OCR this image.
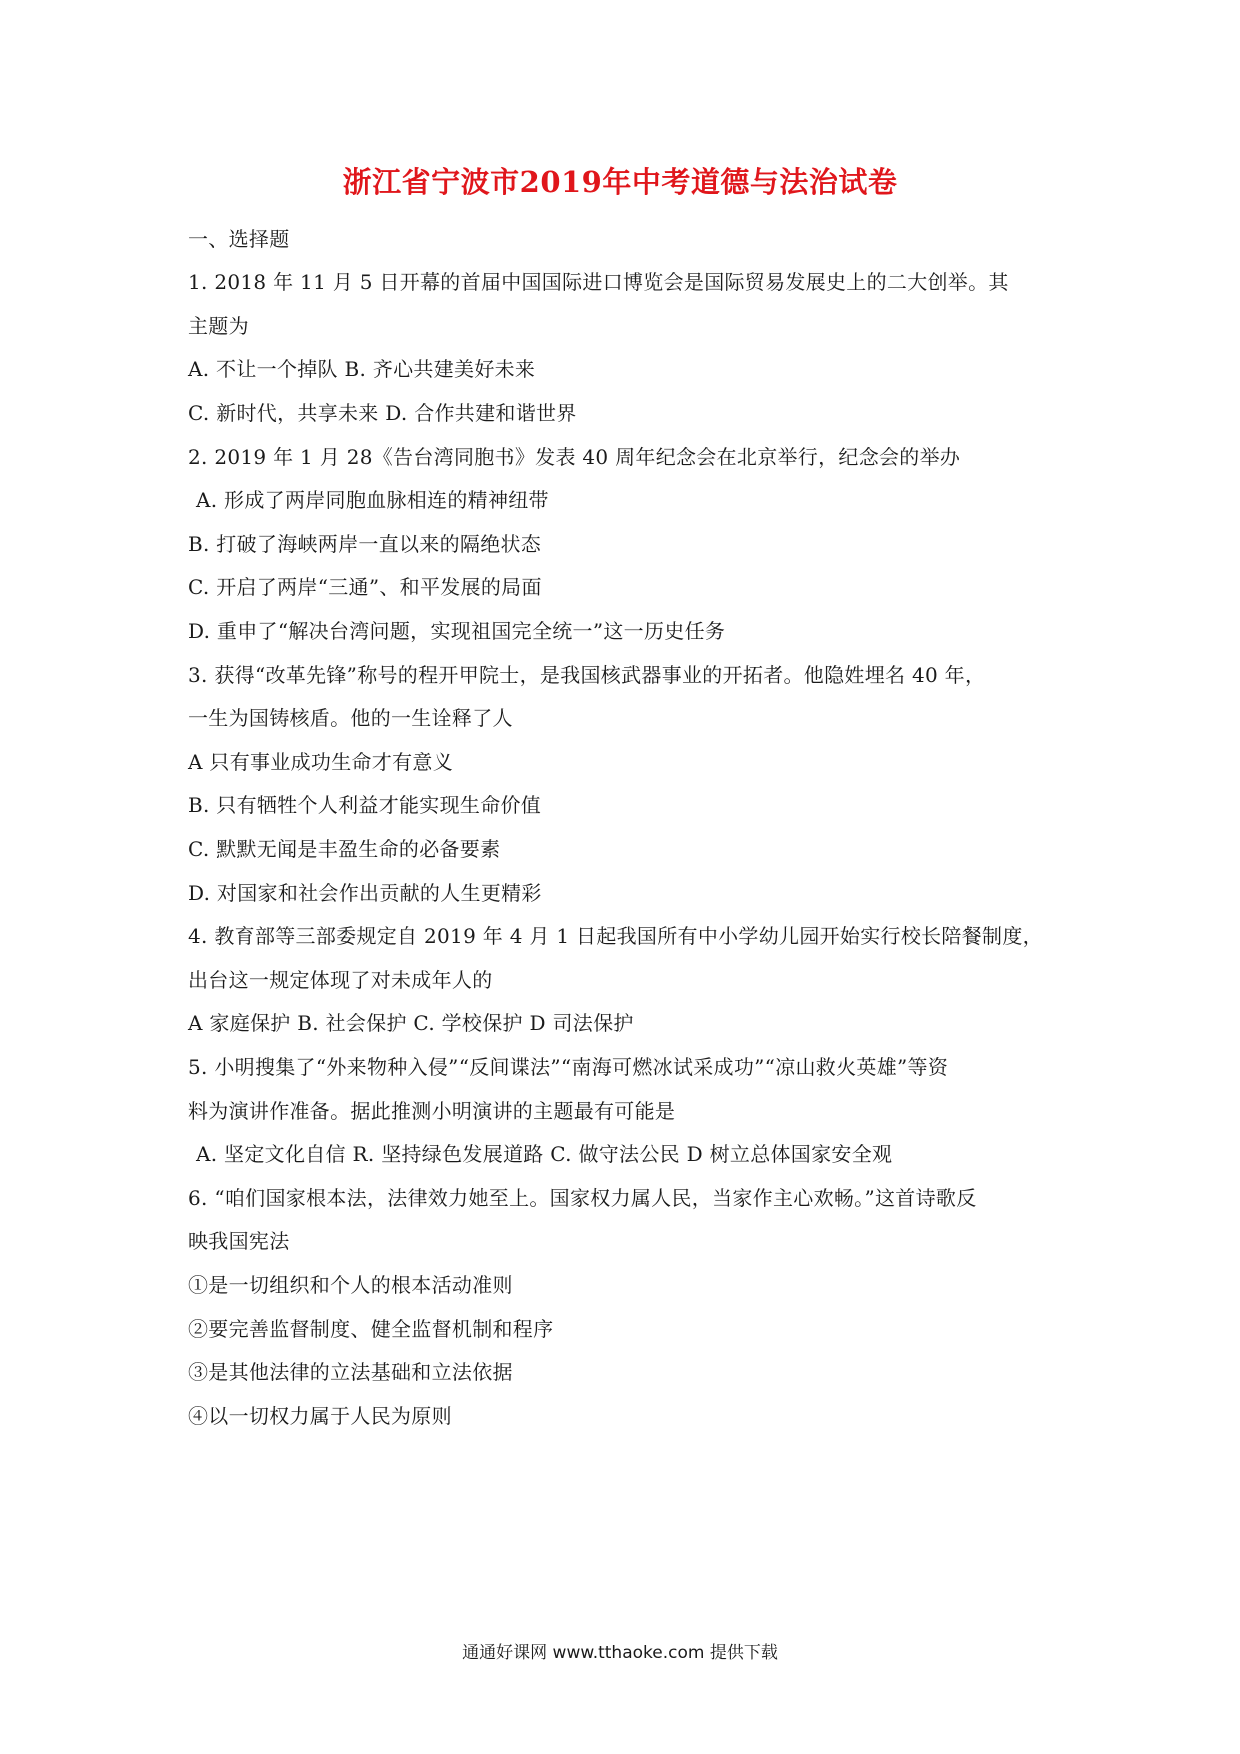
浙江省宁波市2019年中考道德与法治试卷
一、选择题
1. 2018 年 11 月 5 日开幕的首届中国国际进口博览会是国际贸易发展史上的二大创举。其
主题为
A. 不让一个掉队 B. 齐心共建美好未来
C. 新时代，共享未来 D. 合作共建和谐世界
2. 2019 年 1 月 28《告台湾同胞书》发表 40 周年纪念会在北京举行，纪念会的举办
A. 形成了两岸同胞血脉相连的精神纽带
B. 打破了海峡两岸一直以来的隔绝状态
C. 开启了两岸“三通”、和平发展的局面
D. 重申了“解决台湾问题，实现祖国完全统一”这一历史任务
3. 获得“改革先锋”称号的程开甲院士，是我国核武器事业的开拓者。他隐姓埋名 40 年，
一生为国铸核盾。他的一生诠释了人
A 只有事业成功生命才有意义
B. 只有牺牲个人利益才能实现生命价值
C. 默默无闻是丰盈生命的必备要素
D. 对国家和社会作出贡献的人生更精彩
4. 教育部等三部委规定自 2019 年 4 月 1 日起我国所有中小学幼儿园开始实行校长陪餐制度，
出台这一规定体现了对未成年人的
A 家庭保护 B. 社会保护 C. 学校保护 D 司法保护
5. 小明搜集了“外来物种入侵”“反间谍法”“南海可燃冰试采成功”“凉山救火英雄”等资
料为演讲作准备。据此推测小明演讲的主题最有可能是
A. 坚定文化自信 R. 坚持绿色发展道路 C. 做守法公民 D 树立总体国家安全观
6. “咱们国家根本法，法律效力她至上。国家权力属人民，当家作主心欢畅。”这首诗歌反
映我国宪法
①是一切组织和个人的根本活动准则
②要完善监督制度、健全监督机制和程序
③是其他法律的立法基础和立法依据
④以一切权力属于人民为原则
通通好课网 www.tthaoke.com 提供下载
